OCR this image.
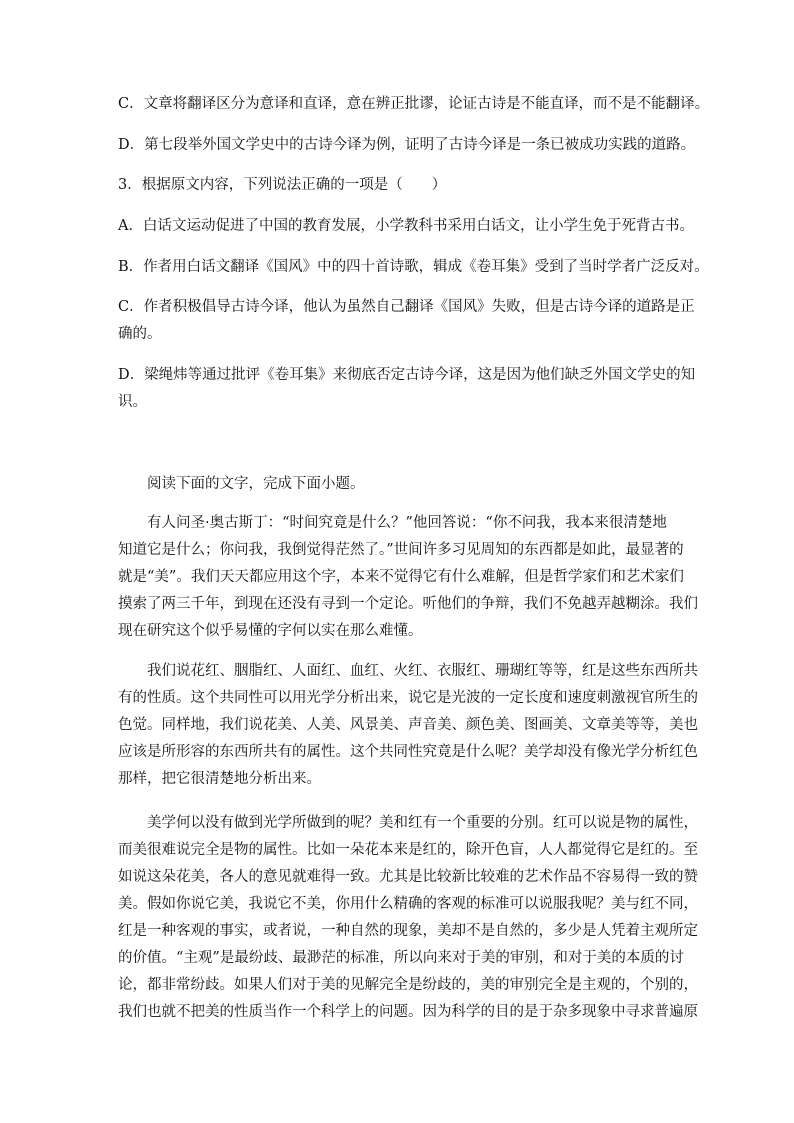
C．文章将翻译区分为意译和直译，意在辨正批谬，论证古诗是不能直译，而不是不能翻译。
D．第七段举外国文学史中的古诗今译为例，证明了古诗今译是一条已被成功实践的道路。
3．根据原文内容，下列说法正确的一项是（　　）
A．白话文运动促进了中国的教育发展，小学教科书采用白话文，让小学生免于死背古书。
B．作者用白话文翻译《国风》中的四十首诗歌，辑成《卷耳集》受到了当时学者广泛反对。
C．作者积极倡导古诗今译，他认为虽然自己翻译《国风》失败，但是古诗今译的道路是正
确的。
D．梁绳炜等通过批评《卷耳集》来彻底否定古诗今译，这是因为他们缺乏外国文学史的知
识。
阅读下面的文字，完成下面小题。
有人问圣·奥古斯丁：“时间究竟是什么？”他回答说：“你不问我，我本来很清楚地
知道它是什么；你问我，我倒觉得茫然了。”世间许多习见周知的东西都是如此，最显著的
就是“美”。我们天天都应用这个字，本来不觉得它有什么难解，但是哲学家们和艺术家们
摸索了两三千年，到现在还没有寻到一个定论。听他们的争辩，我们不免越弄越糊涂。我们
现在研究这个似乎易懂的字何以实在那么难懂。
我们说花红、胭脂红、人面红、血红、火红、衣服红、珊瑚红等等，红是这些东西所共
有的性质。这个共同性可以用光学分析出来，说它是光波的一定长度和速度刺激视官所生的
色觉。同样地，我们说花美、人美、风景美、声音美、颜色美、图画美、文章美等等，美也
应该是所形容的东西所共有的属性。这个共同性究竟是什么呢？美学却没有像光学分析红色
那样，把它很清楚地分析出来。
美学何以没有做到光学所做到的呢？美和红有一个重要的分别。红可以说是物的属性，
而美很难说完全是物的属性。比如一朵花本来是红的，除开色盲，人人都觉得它是红的。至
如说这朵花美，各人的意见就难得一致。尤其是比较新比较难的艺术作品不容易得一致的赞
美。假如你说它美，我说它不美，你用什么精确的客观的标准可以说服我呢？美与红不同，
红是一种客观的事实，或者说，一种自然的现象，美却不是自然的，多少是人凭着主观所定
的价值。“主观”是最纷歧、最渺茫的标准，所以向来对于美的审别，和对于美的本质的讨
论，都非常纷歧。如果人们对于美的见解完全是纷歧的，美的审别完全是主观的，个别的，
我们也就不把美的性质当作一个科学上的问题。因为科学的目的是于杂多现象中寻求普遍原
